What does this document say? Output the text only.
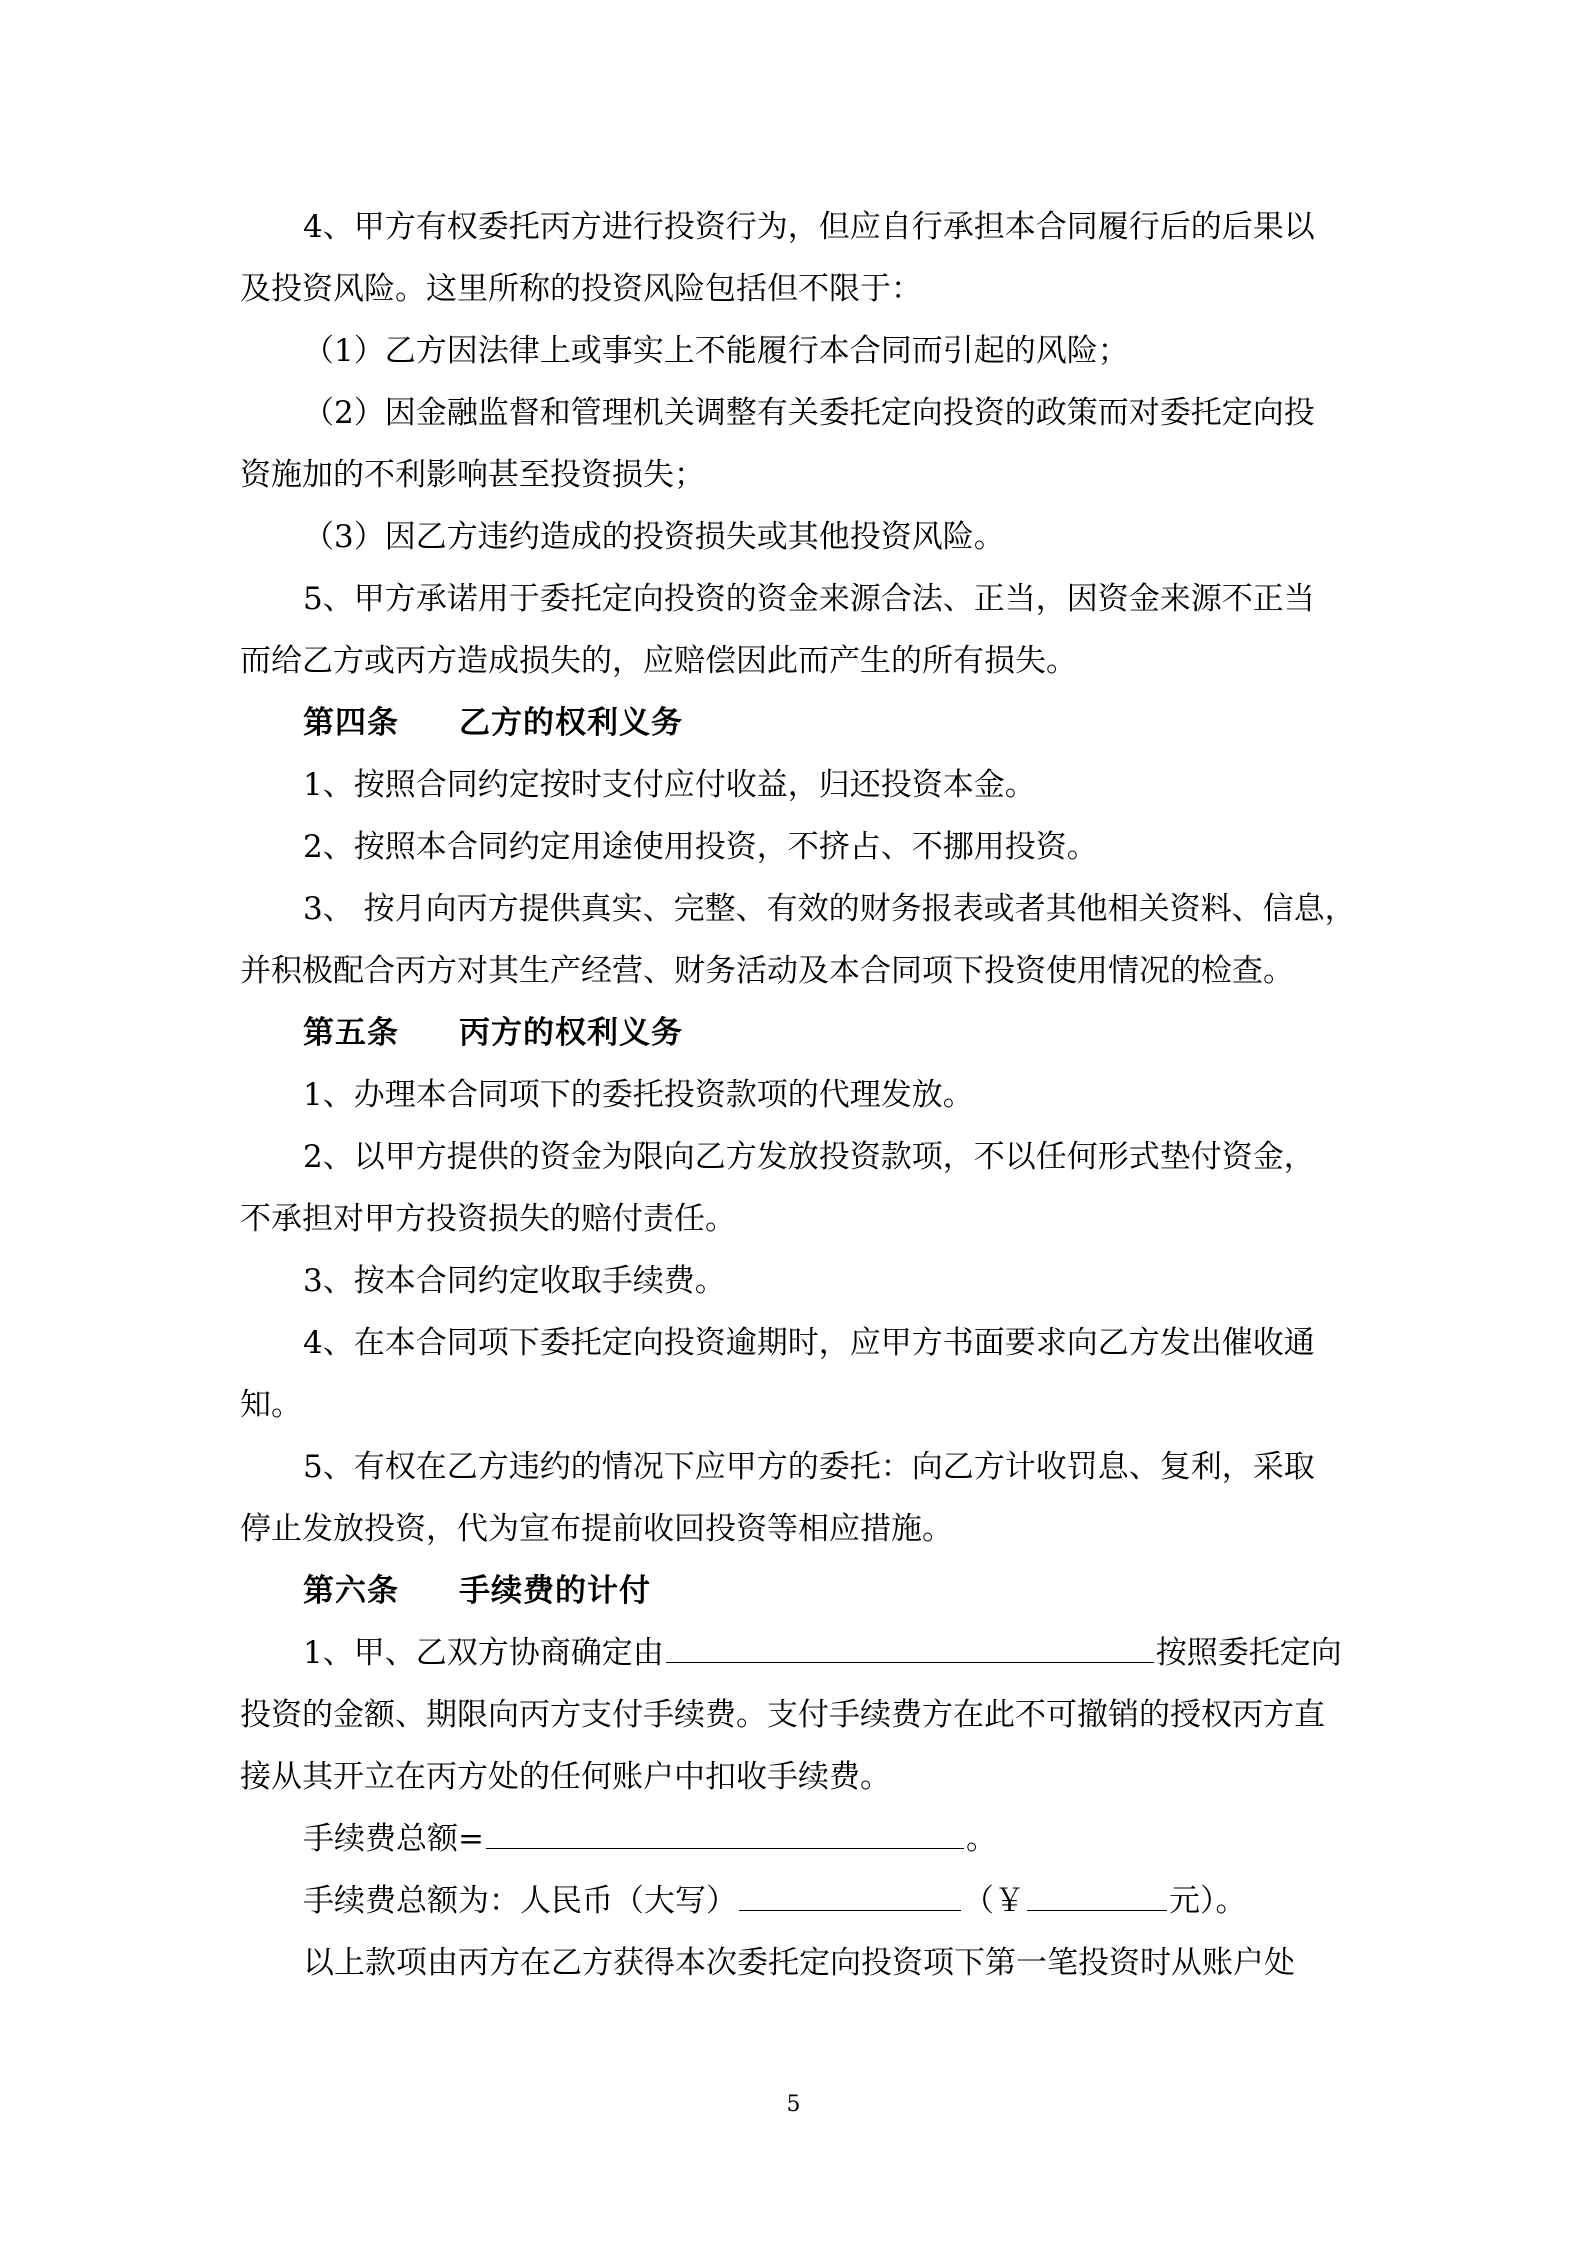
4、甲方有权委托丙方进行投资行为，但应自行承担本合同履行后的后果以

及投资风险。这里所称的投资风险包括但不限于：

（1）乙方因法律上或事实上不能履行本合同而引起的风险；

（2）因金融监督和管理机关调整有关委托定向投资的政策而对委托定向投

资施加的不利影响甚至投资损失；

（3）因乙方违约造成的投资损失或其他投资风险。

5、甲方承诺用于委托定向投资的资金来源合法、正当，因资金来源不正当

而给乙方或丙方造成损失的，应赔偿因此而产生的所有损失。

第四条 乙方的权利义务

1、按照合同约定按时支付应付收益，归还投资本金。

2、按照本合同约定用途使用投资，不挤占、不挪用投资。

3、 按月向丙方提供真实、完整、有效的财务报表或者其他相关资料、信息，

并积极配合丙方对其生产经营、财务活动及本合同项下投资使用情况的检查。

第五条 丙方的权利义务

1、办理本合同项下的委托投资款项的代理发放。

2、以甲方提供的资金为限向乙方发放投资款项，不以任何形式垫付资金，

不承担对甲方投资损失的赔付责任。

3、按本合同约定收取手续费。

4、在本合同项下委托定向投资逾期时，应甲方书面要求向乙方发出催收通

知。

5、有权在乙方违约的情况下应甲方的委托：向乙方计收罚息、复利，采取

停止发放投资，代为宣布提前收回投资等相应措施。

第六条 手续费的计付

1、甲、乙双方协商确定由	按照委托定向

投资的金额、期限向丙方支付手续费。支付手续费方在此不可撤销的授权丙方直

接从其开立在丙方处的任何账户中扣收手续费。

手续费总额=	。

手续费总额为：人民币（大写）	（￥	元）。

以上款项由丙方在乙方获得本次委托定向投资项下第一笔投资时从账户处

5
